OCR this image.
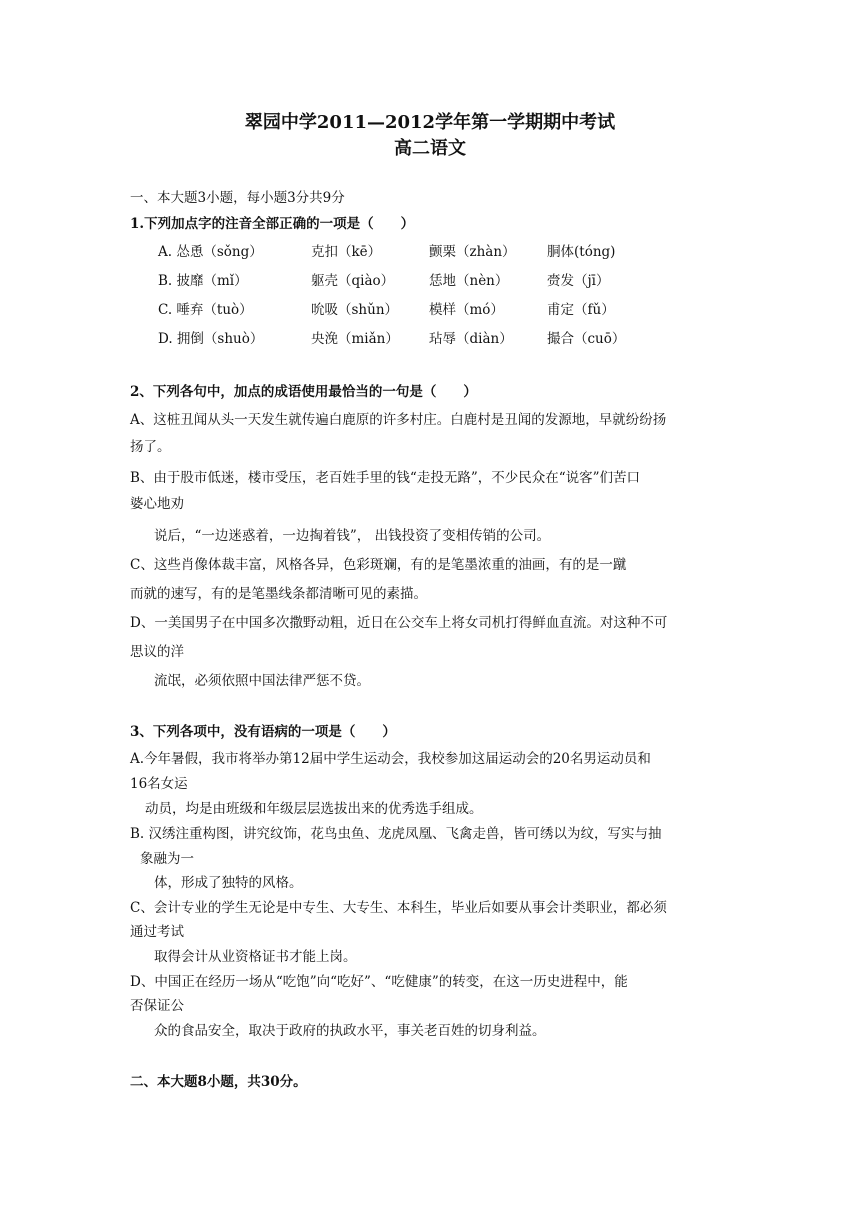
翠园中学2011—2012学年第一学期期中考试
高二语文
一、本大题3小题，每小题3分共9分
1.下列加点字的注音全部正确的一项是（　　）
A. 怂恿（sǒng）	克扣（kē）	颤栗（zhàn） 胴体(tóng)
B. 披靡（mǐ）	躯壳（qiào）	恁地（nèn）	赍发（jī）
C. 唾弃（tuò）	吮吸（shǔn） 模样（mó）	甫定（fǔ）
D. 拥倒（shuò）	央浼（miǎn） 玷辱（diàn）	撮合（cuō）
2、下列各句中，加点的成语使用最恰当的一句是（　　）
A、这桩丑闻从头一天发生就传遍白鹿原的许多村庄。白鹿村是丑闻的发源地，早就纷纷扬
扬了。
B、由于股市低迷，楼市受压，老百姓手里的钱“走投无路”，不少民众在“说客”们苦口
婆心地劝
说后，“一边迷惑着，一边掏着钱”， 出钱投资了变相传销的公司。
C、这些肖像体裁丰富，风格各异，色彩斑斓，有的是笔墨浓重的油画，有的是一蹴
而就的速写，有的是笔墨线条都清晰可见的素描。
D、一美国男子在中国多次撒野动粗，近日在公交车上将女司机打得鲜血直流。对这种不可
思议的洋
流氓，必须依照中国法律严惩不贷。
3、下列各项中，没有语病的一项是（　　）
A.今年暑假，我市将举办第12届中学生运动会，我校参加这届运动会的20名男运动员和
16名女运
动员，均是由班级和年级层层选拔出来的优秀选手组成。
B. 汉绣注重构图，讲究纹饰，花鸟虫鱼、龙虎凤凰、飞禽走兽，皆可绣以为纹，写实与抽
象融为一
体，形成了独特的风格。
C、会计专业的学生无论是中专生、大专生、本科生，毕业后如要从事会计类职业，都必须
通过考试
取得会计从业资格证书才能上岗。
D、中国正在经历一场从“吃饱”向“吃好”、“吃健康”的转变，在这一历史进程中，能
否保证公
众的食品安全，取决于政府的执政水平，事关老百姓的切身利益。
二、本大题8小题，共30分。
